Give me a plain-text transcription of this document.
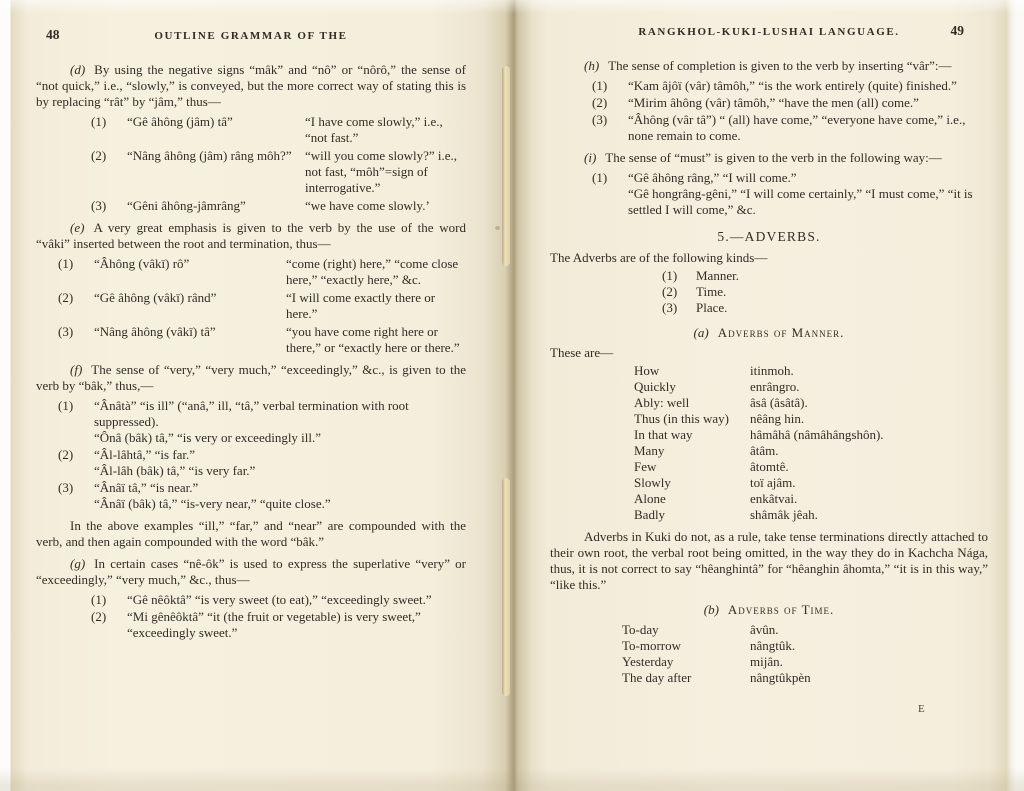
48	OUTLINE GRAMMAR OF THE

(d) By using the negative signs “mâk” and “nô” or “nôrô,” the sense of “not quick,” i.e., “slowly,” is conveyed, but the more correct way of stating this is by replacing “rât” by “jâm,” thus—

(1)	“Gê âhông (jâm) tâ”	“I have come slowly,” i.e., “not fast.”
(2)	“Nâng âhông (jâm) râng môh?”	“will you come slowly?” i.e., not fast, “môh”=sign of interrogative.”
(3)	“Gêni âhông-jâmrâng”	“we have come slowly.’

(e) A very great emphasis is given to the verb by the use of the word “vâki” inserted between the root and termination, thus—

(1)	“Âhông (vâkī) rô”	“come (right) here,” “come close here,” “exactly here,” &c.
(2)	“Gê âhông (vâkī) rând”	“I will come exactly there or here.”
(3)	“Nâng âhông (vâkī) tâ”	“you have come right here or there,” or “exactly here or there.”

(f) The sense of “very,” “very much,” “exceedingly,” &c., is given to the verb by “bâk,” thus,—

(1)	“Ânâtà” “is ill” (“anâ,” ill, “tâ,” verbal termination with root suppressed).
“Ônâ (bâk) tâ,” “is very or exceedingly ill.”
(2)	“Âl-lâhtâ,” “is far.”
“Âl-lâh (bâk) tâ,” “is very far.”
(3)	“Ânâï tâ,” “is near.”
“Ânâï (bâk) tâ,” “is-very near,” “quite close.”

In the above examples “ill,” “far,” and “near” are compounded with the verb, and then again compounded with the word “bâk.”

(g) In certain cases “nê-ôk” is used to express the superlative “very” or “exceedingly,” “very much,” &c., thus—

(1)	“Gê nêôktâ” “is very sweet (to eat),” “exceedingly sweet.”
(2)	“Mi gênêôktâ” “it (the fruit or vegetable) is very sweet,” “exceedingly sweet.”
RANGKHOL-KUKI-LUSHAI LANGUAGE.	49

(h) The sense of completion is given to the verb by inserting “vâr”:—

(1)	“Kam âjôï (vâr) tâmôh,” “is the work entirely (quite) finished.”
(2)	“Mirim âhông (vâr) tâmôh,” “have the men (all) come.”
(3)	“Âhông (vâr tâ”) “ (all) have come,” “everyone have come,” i.e., none remain to come.

(i) The sense of “must” is given to the verb in the following way:—

(1)	“Gê âhông râng,” “I will come.”
“Gê hongrâng-gêni,” “I will come certainly,” “I must come,” “it is settled I will come,” &c.
5.—ADVERBS.
The Adverbs are of the following kinds—
(1)	Manner.
(2)	Time.
(3)	Place.
(a) Adverbs of Manner.
These are—
How	itinmoh.
Quickly	enrângro.
Ably: well	âsâ (âsâtâ).
Thus (in this way)	nêâng hin.
In that way	hâmâhâ (nâmâhângshôn).
Many	âtâm.
Few	âtomtê.
Slowly	toï ajâm.
Alone	enkâtvai.
Badly	shâmâk jêah.

Adverbs in Kuki do not, as a rule, take tense terminations directly attached to their own root, the verbal root being omitted, in the way they do in Kachcha Nága, thus, it is not correct to say “hêanghintâ” for “hêanghin âhomta,” “it is in this way,” “like this.”

(b) Adverbs of Time.
To-day	âvûn.
To-morrow	nângtûk.
Yesterday	mijân.
The day after	nângtûkpèn
E
